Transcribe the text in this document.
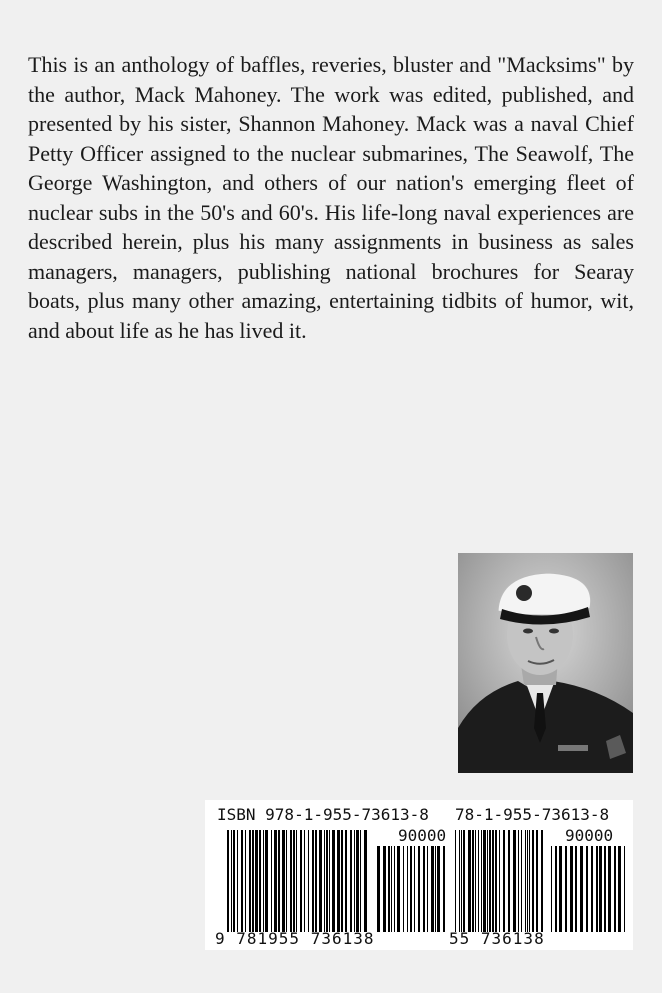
This is an anthology of baffles, reveries, bluster and "Macksims" by the author, Mack Mahoney. The work was edited, published, and presented by his sister, Shannon Mahoney. Mack was a naval Chief Petty Officer assigned to the nuclear submarines, The Seawolf, The George Washington, and others of our nation's emerging fleet of nuclear subs in the 50's and 60's. His life-long naval experiences are described herein, plus his many assignments in business as sales managers, managers, publishing national brochures for Searay boats, plus many other amazing, entertaining tidbits of humor, wit, and about life as he has lived it.

ISBN 978-1-955-73613-8 78-1-955-73613-8
90000	90000
9 781955 736138	55 736138
